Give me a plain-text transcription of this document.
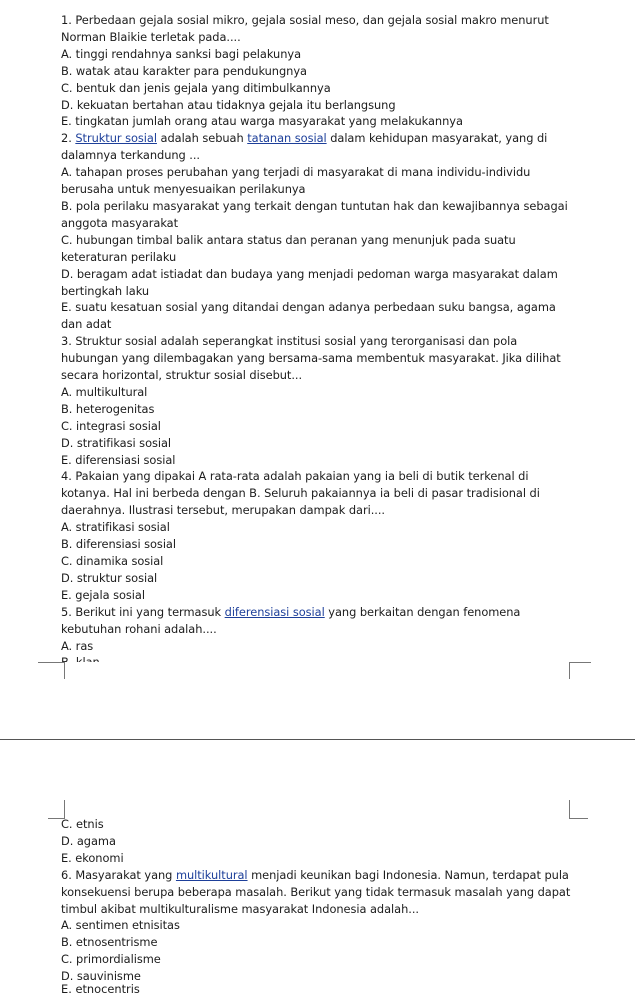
1. Perbedaan gejala sosial mikro, gejala sosial meso, dan gejala sosial makro menurut

Norman Blaikie terletak pada....

A. tinggi rendahnya sanksi bagi pelakunya

B. watak atau karakter para pendukungnya

C. bentuk dan jenis gejala yang ditimbulkannya

D. kekuatan bertahan atau tidaknya gejala itu berlangsung

E. tingkatan jumlah orang atau warga masyarakat yang melakukannya

2. Struktur sosial adalah sebuah tatanan sosial dalam kehidupan masyarakat, yang di

dalamnya terkandung ...

A. tahapan proses perubahan yang terjadi di masyarakat di mana individu-individu

berusaha untuk menyesuaikan perilakunya

B. pola perilaku masyarakat yang terkait dengan tuntutan hak dan kewajibannya sebagai

anggota masyarakat

C. hubungan timbal balik antara status dan peranan yang menunjuk pada suatu

keteraturan perilaku

D. beragam adat istiadat dan budaya yang menjadi pedoman warga masyarakat dalam

bertingkah laku

E. suatu kesatuan sosial yang ditandai dengan adanya perbedaan suku bangsa, agama

dan adat

3. Struktur sosial adalah seperangkat institusi sosial yang terorganisasi dan pola

hubungan yang dilembagakan yang bersama-sama membentuk masyarakat. Jika dilihat

secara horizontal, struktur sosial disebut...

A. multikultural

B. heterogenitas

C. integrasi sosial

D. stratifikasi sosial

E. diferensiasi sosial

4. Pakaian yang dipakai A rata-rata adalah pakaian yang ia beli di butik terkenal di

kotanya. Hal ini berbeda dengan B. Seluruh pakaiannya ia beli di pasar tradisional di

daerahnya. Ilustrasi tersebut, merupakan dampak dari....

A. stratifikasi sosial

B. diferensiasi sosial

C. dinamika sosial

D. struktur sosial

E. gejala sosial

5. Berikut ini yang termasuk diferensiasi sosial yang berkaitan dengan fenomena

kebutuhan rohani adalah....

A. ras

C. etnis

D. agama

E. ekonomi

6. Masyarakat yang multikultural menjadi keunikan bagi Indonesia. Namun, terdapat pula

konsekuensi berupa beberapa masalah. Berikut yang tidak termasuk masalah yang dapat

timbul akibat multikulturalisme masyarakat Indonesia adalah...

A. sentimen etnisitas

B. etnosentrisme

C. primordialisme

D. sauvinisme

E. etnocentris
